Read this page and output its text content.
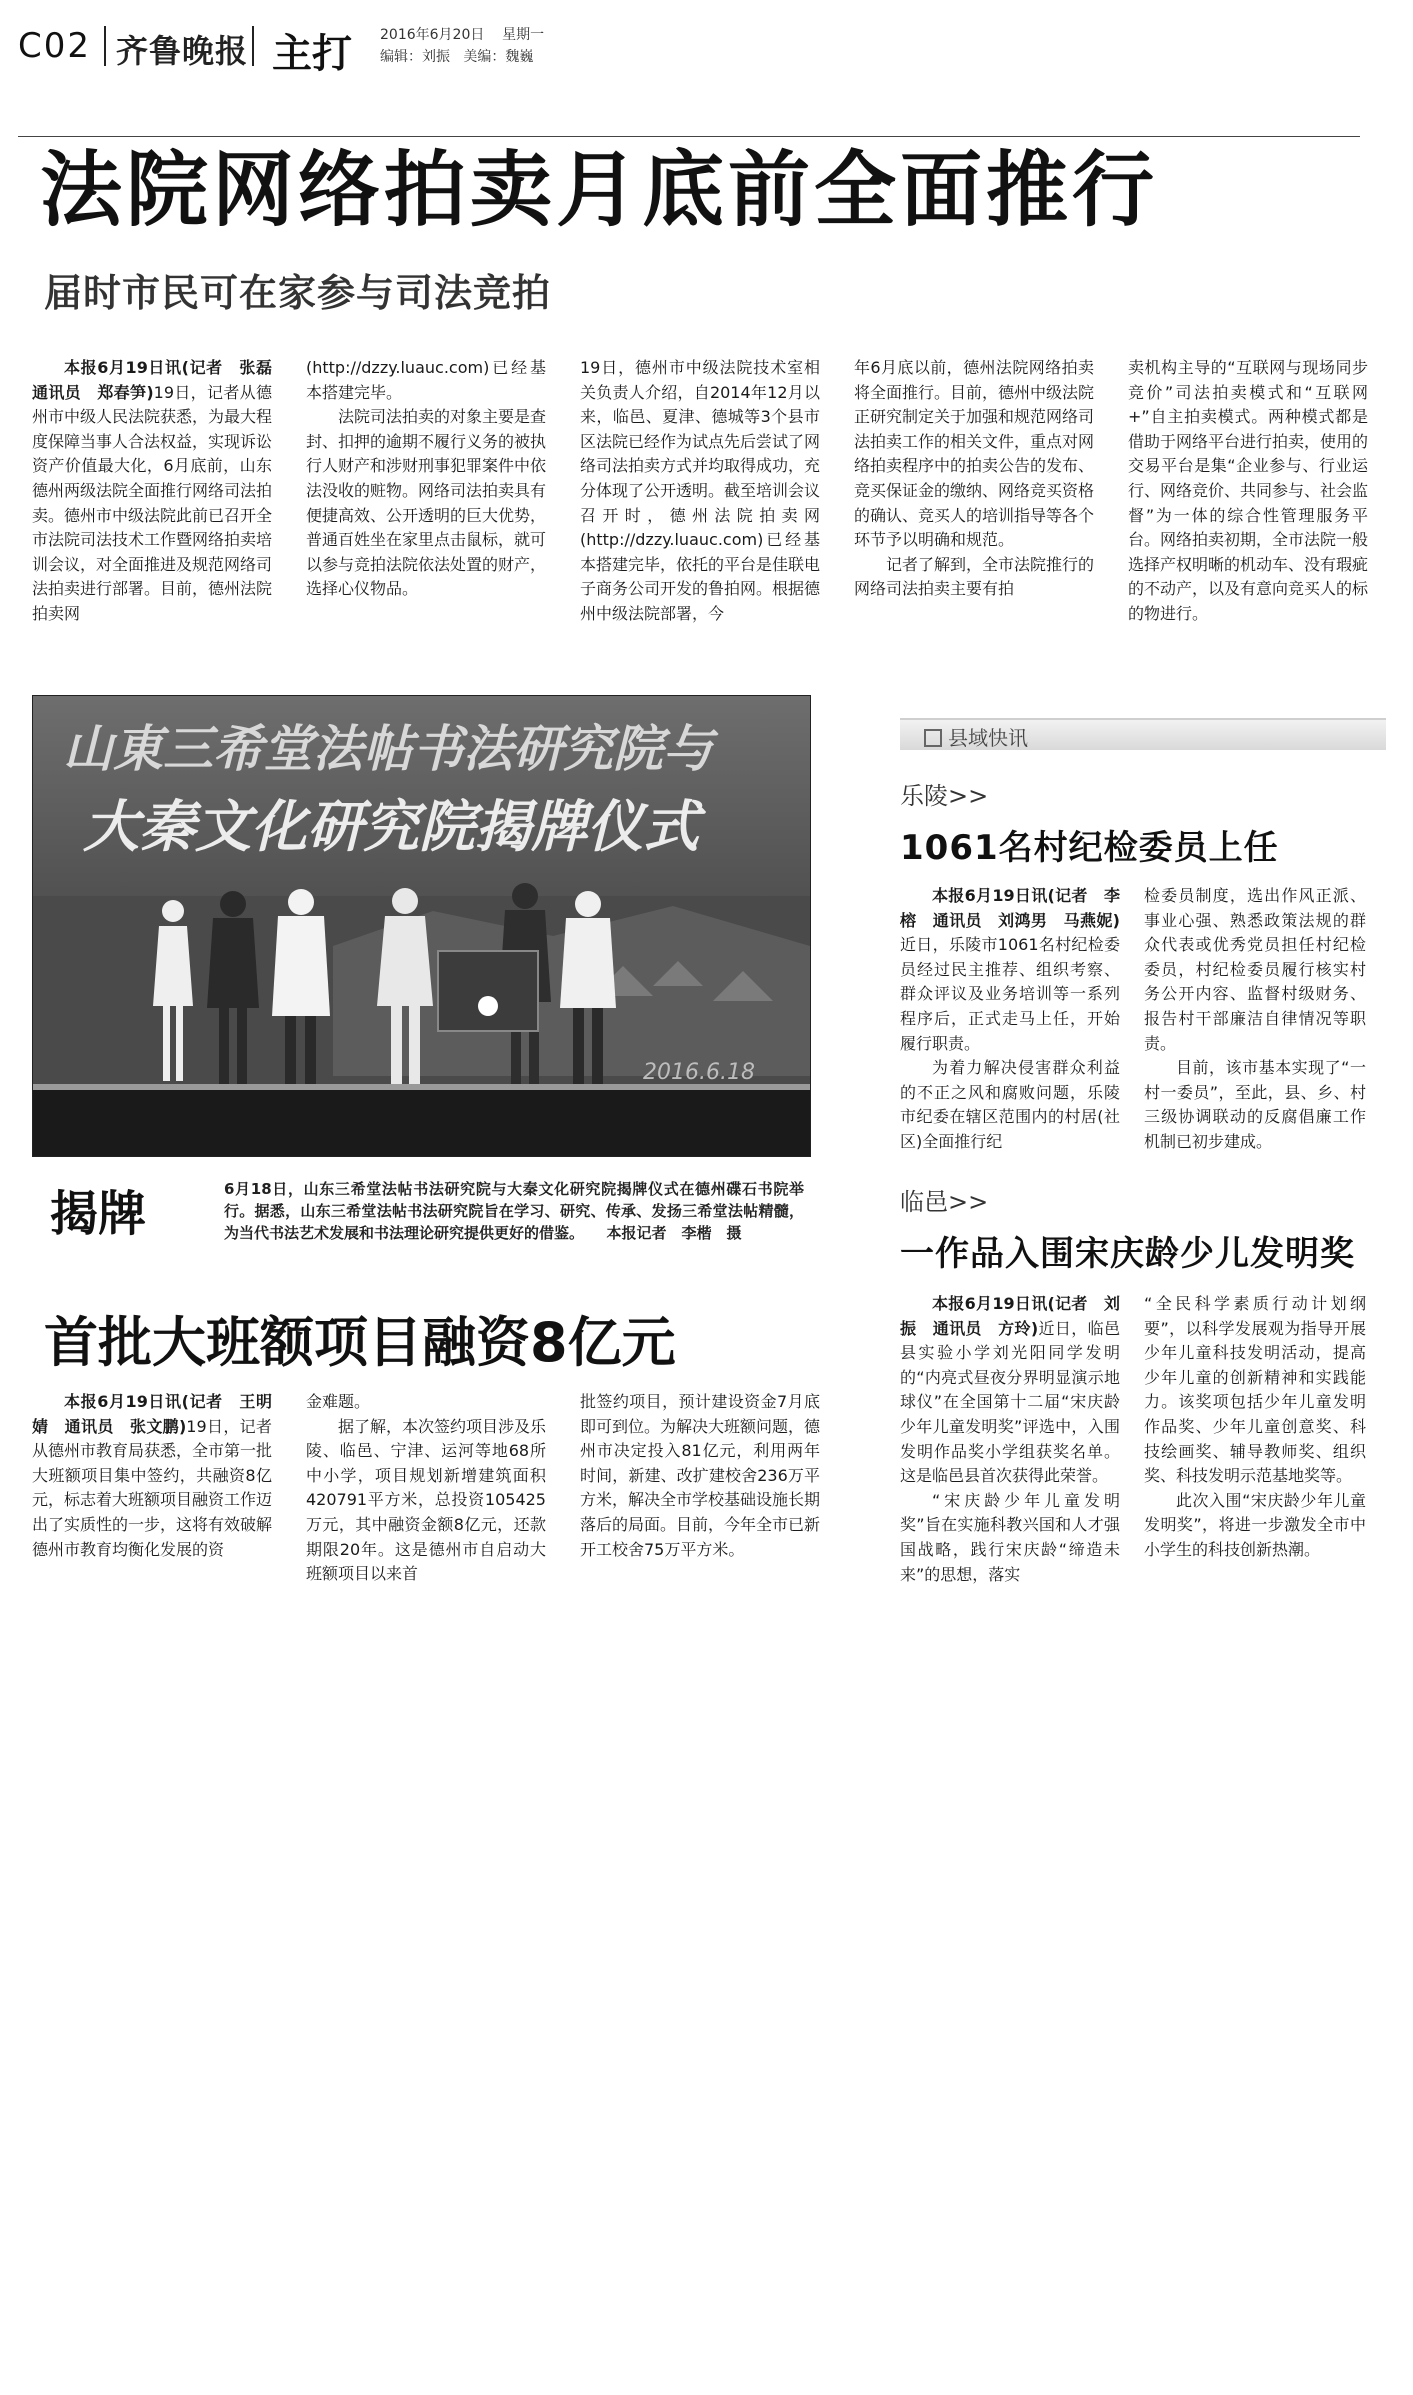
C02 齐鲁晚报 主打 2016年6月20日 星期一
编辑：刘振 美编：魏巍
法院网络拍卖月底前全面推行
届时市民可在家参与司法竞拍

本报6月19日讯(记者　张磊　通讯员　郑春笋)19日，记者从德州市中级人民法院获悉，为最大程度保障当事人合法权益，实现诉讼资产价值最大化，6月底前，山东德州两级法院全面推行网络司法拍卖。德州市中级法院此前已召开全市法院司法技术工作暨网络拍卖培训会议，对全面推进及规范网络司法拍卖进行部署。目前，德州法院拍卖网

(http://dzzy.luauc.com)已经基本搭建完毕。

法院司法拍卖的对象主要是查封、扣押的逾期不履行义务的被执行人财产和涉财刑事犯罪案件中依法没收的赃物。网络司法拍卖具有便捷高效、公开透明的巨大优势，普通百姓坐在家里点击鼠标，就可以参与竞拍法院依法处置的财产，选择心仪物品。

19日，德州市中级法院技术室相关负责人介绍，自2014年12月以来，临邑、夏津、德城等3个县市区法院已经作为试点先后尝试了网络司法拍卖方式并均取得成功，充分体现了公开透明。截至培训会议召开时，德州法院拍卖网(http://dzzy.luauc.com)已经基本搭建完毕，依托的平台是佳联电子商务公司开发的鲁拍网。根据德州中级法院部署，今

年6月底以前，德州法院网络拍卖将全面推行。目前，德州中级法院正研究制定关于加强和规范网络司法拍卖工作的相关文件，重点对网络拍卖程序中的拍卖公告的发布、竞买保证金的缴纳、网络竞买资格的确认、竞买人的培训指导等各个环节予以明确和规范。

记者了解到，全市法院推行的网络司法拍卖主要有拍

卖机构主导的“互联网与现场同步竞价”司法拍卖模式和“互联网+”自主拍卖模式。两种模式都是借助于网络平台进行拍卖，使用的交易平台是集“企业参与、行业运行、网络竞价、共同参与、社会监督”为一体的综合性管理服务平台。网络拍卖初期，全市法院一般选择产权明晰的机动车、没有瑕疵的不动产，以及有意向竞买人的标的物进行。

山東三希堂法帖书法研究院与
大秦文化研究院揭牌仪式
2016.6.18
揭牌	6月18日，山东三希堂法帖书法研究院与大秦文化研究院揭牌仪式在德州碟石书院举行。据悉，山东三希堂法帖书法研究院旨在学习、研究、传承、发扬三希堂法帖精髓，为当代书法艺术发展和书法理论研究提供更好的借鉴。　　本报记者　李楷　摄
首批大班额项目融资8亿元

本报6月19日讯(记者　王明婧　通讯员　张文鹏)19日，记者从德州市教育局获悉，全市第一批大班额项目集中签约，共融资8亿元，标志着大班额项目融资工作迈出了实质性的一步，这将有效破解德州市教育均衡化发展的资

金难题。

据了解，本次签约项目涉及乐陵、临邑、宁津、运河等地68所中小学，项目规划新增建筑面积420791平方米，总投资105425万元，其中融资金额8亿元，还款期限20年。这是德州市自启动大班额项目以来首

批签约项目，预计建设资金7月底即可到位。为解决大班额问题，德州市决定投入81亿元，利用两年时间，新建、改扩建校舍236万平方米，解决全市学校基础设施长期落后的局面。目前，今年全市已新开工校舍75万平方米。

县域快讯
乐陵>>
1061名村纪检委员上任

本报6月19日讯(记者　李榕　通讯员　刘鸿男　马燕妮)近日，乐陵市1061名村纪检委员经过民主推荐、组织考察、群众评议及业务培训等一系列程序后，正式走马上任，开始履行职责。

为着力解决侵害群众利益的不正之风和腐败问题，乐陵市纪委在辖区范围内的村居(社区)全面推行纪

检委员制度，选出作风正派、事业心强、熟悉政策法规的群众代表或优秀党员担任村纪检委员，村纪检委员履行核实村务公开内容、监督村级财务、报告村干部廉洁自律情况等职责。

目前，该市基本实现了“一村一委员”，至此，县、乡、村三级协调联动的反腐倡廉工作机制已初步建成。

临邑>>
一作品入围宋庆龄少儿发明奖

本报6月19日讯(记者　刘振　通讯员　方玲)近日，临邑县实验小学刘光阳同学发明的“内亮式昼夜分界明显演示地球仪”在全国第十二届“宋庆龄少年儿童发明奖”评选中，入围发明作品奖小学组获奖名单。这是临邑县首次获得此荣誉。

“宋庆龄少年儿童发明奖”旨在实施科教兴国和人才强国战略，践行宋庆龄“缔造未来”的思想，落实

“全民科学素质行动计划纲要”，以科学发展观为指导开展少年儿童科技发明活动，提高少年儿童的创新精神和实践能力。该奖项包括少年儿童发明作品奖、少年儿童创意奖、科技绘画奖、辅导教师奖、组织奖、科技发明示范基地奖等。

此次入围“宋庆龄少年儿童发明奖”，将进一步激发全市中小学生的科技创新热潮。
